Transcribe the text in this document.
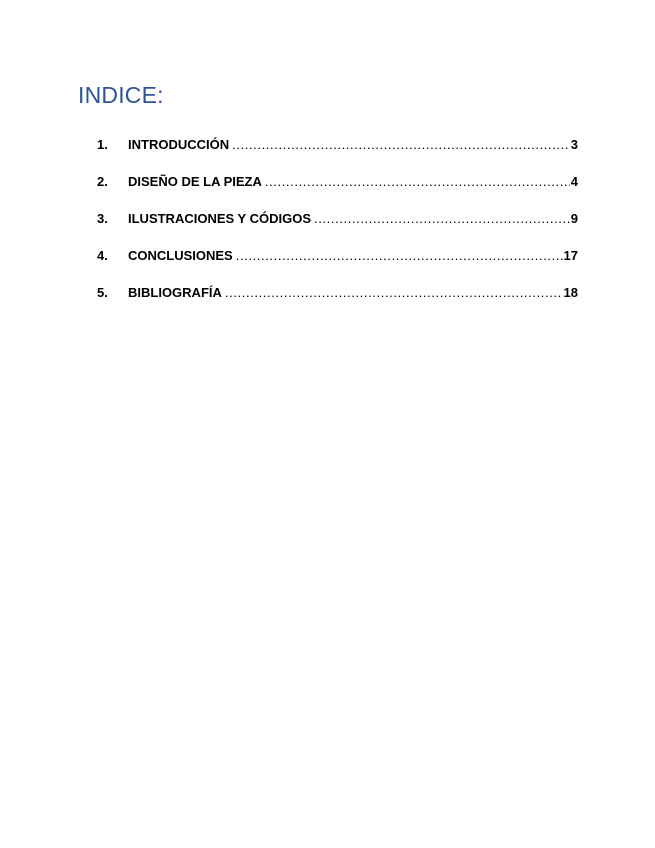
INDICE:
1.	INTRODUCCIÓN .....	3
2.	DISEÑO DE LA PIEZA .....	4
3.	ILUSTRACIONES Y CÓDIGOS .....	9
4.	CONCLUSIONES .....	17
5.	BIBLIOGRAFÍA .....	18
